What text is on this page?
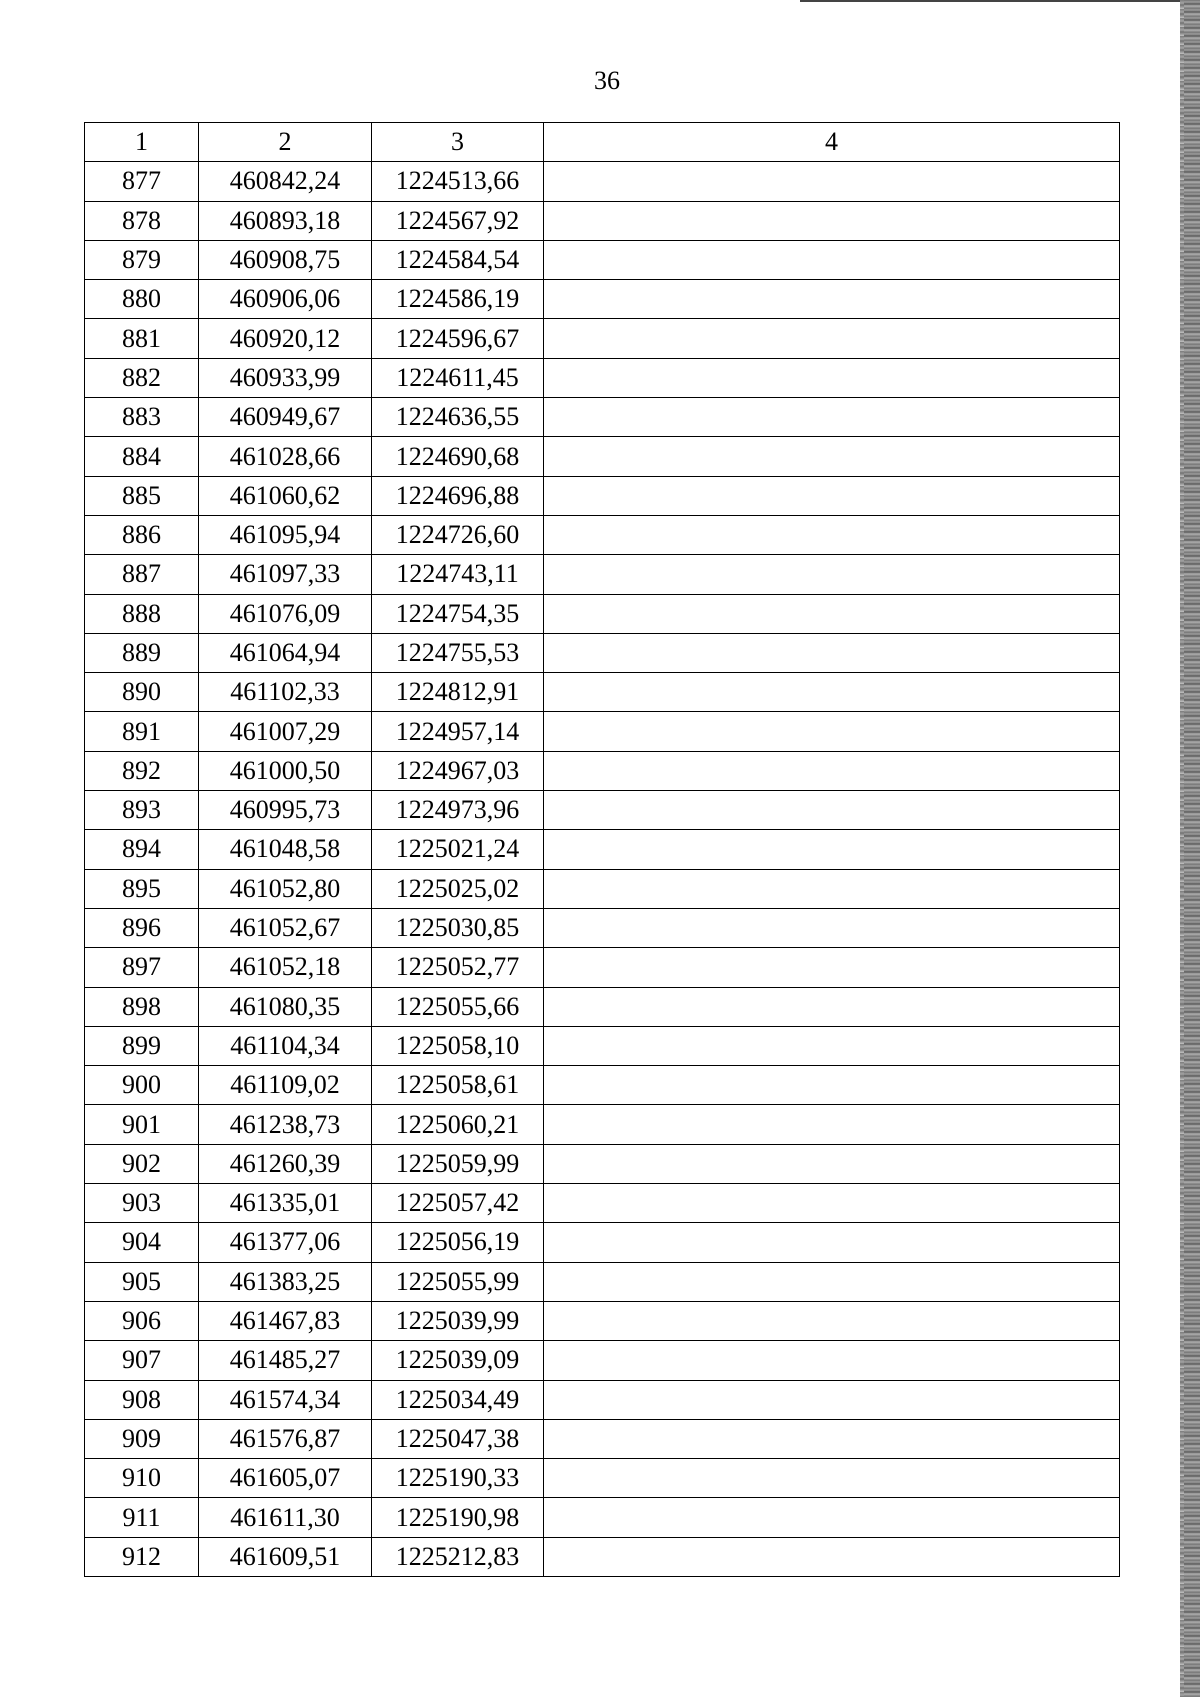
36
1	2	3	4
877	460842,24	1224513,66	
878	460893,18	1224567,92	
879	460908,75	1224584,54	
880	460906,06	1224586,19	
881	460920,12	1224596,67	
882	460933,99	1224611,45	
883	460949,67	1224636,55	
884	461028,66	1224690,68	
885	461060,62	1224696,88	
886	461095,94	1224726,60	
887	461097,33	1224743,11	
888	461076,09	1224754,35	
889	461064,94	1224755,53	
890	461102,33	1224812,91	
891	461007,29	1224957,14	
892	461000,50	1224967,03	
893	460995,73	1224973,96	
894	461048,58	1225021,24	
895	461052,80	1225025,02	
896	461052,67	1225030,85	
897	461052,18	1225052,77	
898	461080,35	1225055,66	
899	461104,34	1225058,10	
900	461109,02	1225058,61	
901	461238,73	1225060,21	
902	461260,39	1225059,99	
903	461335,01	1225057,42	
904	461377,06	1225056,19	
905	461383,25	1225055,99	
906	461467,83	1225039,99	
907	461485,27	1225039,09	
908	461574,34	1225034,49	
909	461576,87	1225047,38	
910	461605,07	1225190,33	
911	461611,30	1225190,98	
912	461609,51	1225212,83	
